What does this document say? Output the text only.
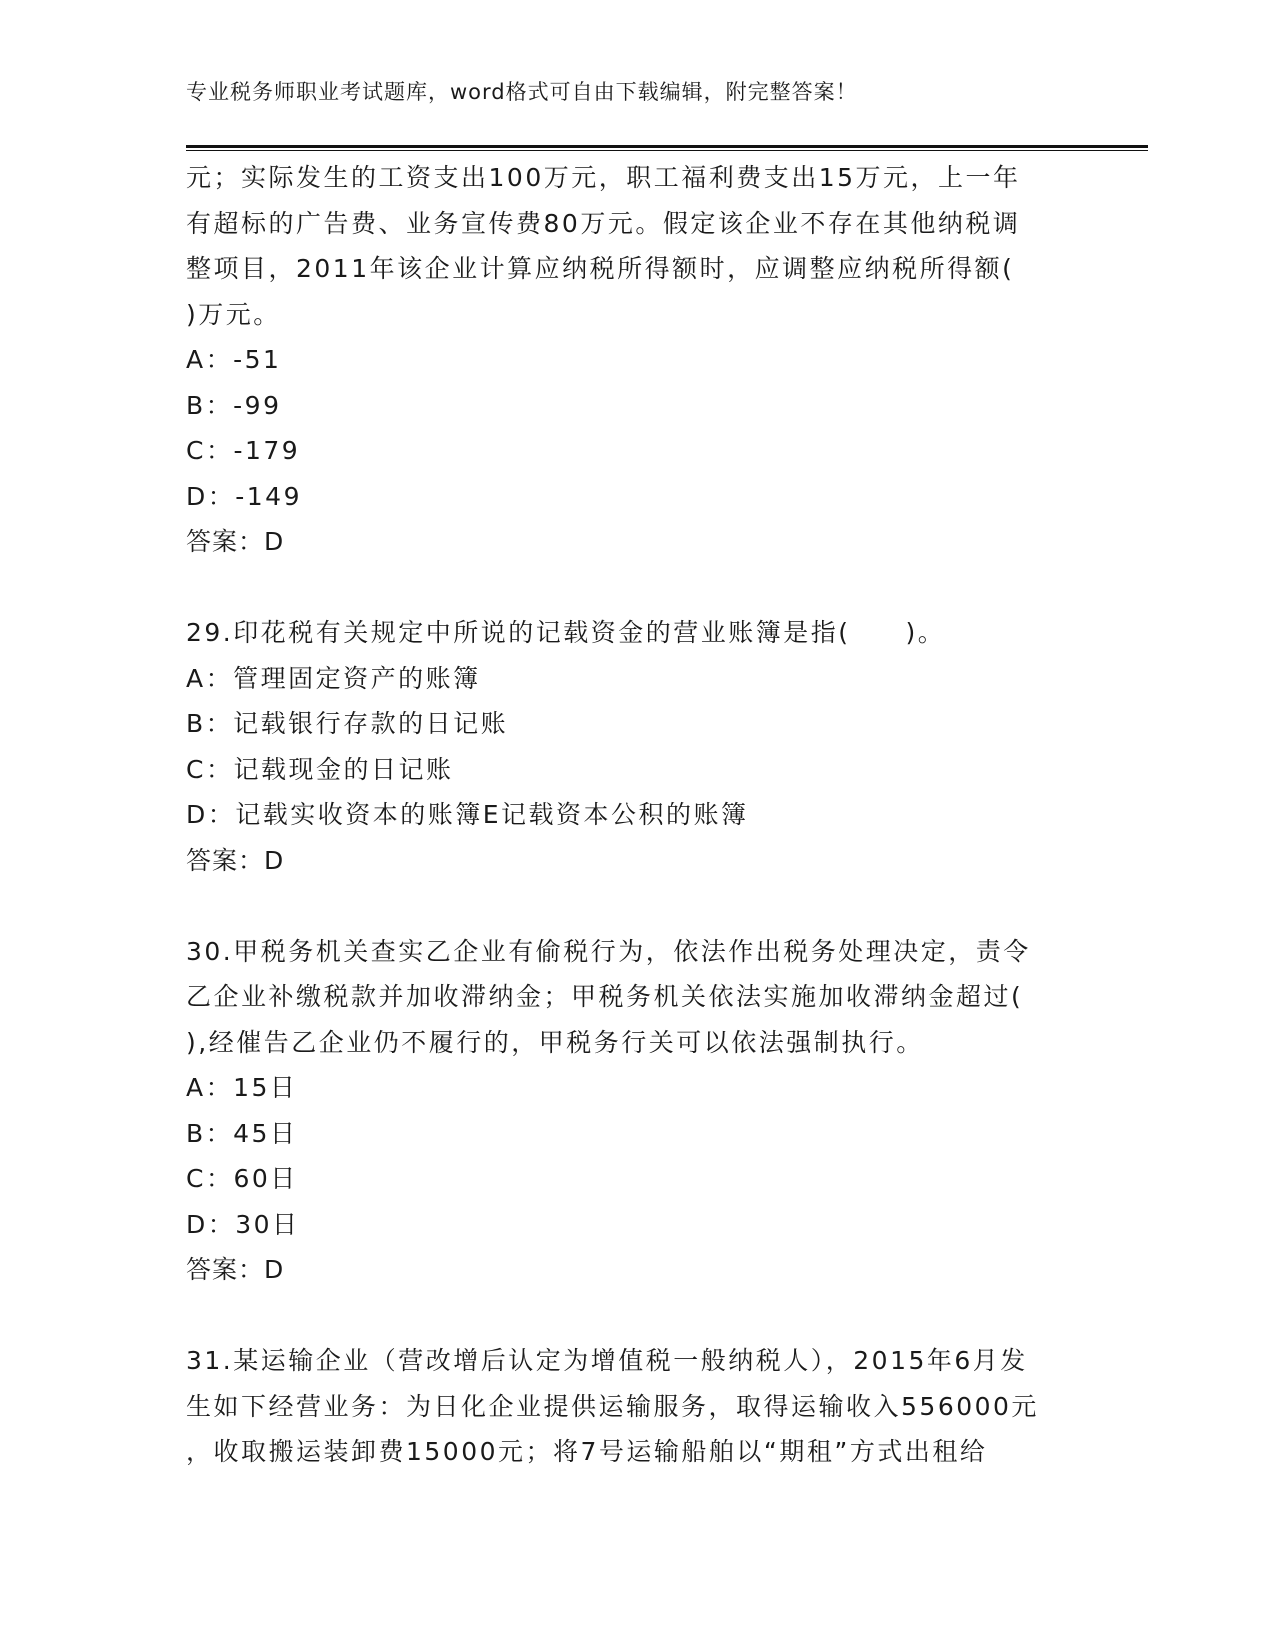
专业税务师职业考试题库，word格式可自由下载编辑，附完整答案！
元；实际发生的工资支出100万元，职工福利费支出15万元，上一年
有超标的广告费、业务宣传费80万元。假定该企业不存在其他纳税调
整项目，2011年该企业计算应纳税所得额时，应调整应纳税所得额(
)万元。
A：-51
B：-99
C：-179
D：-149
答案：D
29.印花税有关规定中所说的记载资金的营业账簿是指(　　)。
A：管理固定资产的账簿
B：记载银行存款的日记账
C：记载现金的日记账
D：记载实收资本的账簿E记载资本公积的账簿
答案：D
30.甲税务机关查实乙企业有偷税行为，依法作出税务处理决定，责令
乙企业补缴税款并加收滞纳金；甲税务机关依法实施加收滞纳金超过(
),经催告乙企业仍不履行的，甲税务行关可以依法强制执行。
A：15日
B：45日
C：60日
D：30日
答案：D
31.某运输企业（营改增后认定为增值税一般纳税人），2015年6月发
生如下经营业务：为日化企业提供运输服务，取得运输收入556000元
，收取搬运装卸费15000元；将7号运输船舶以“期租”方式出租给
